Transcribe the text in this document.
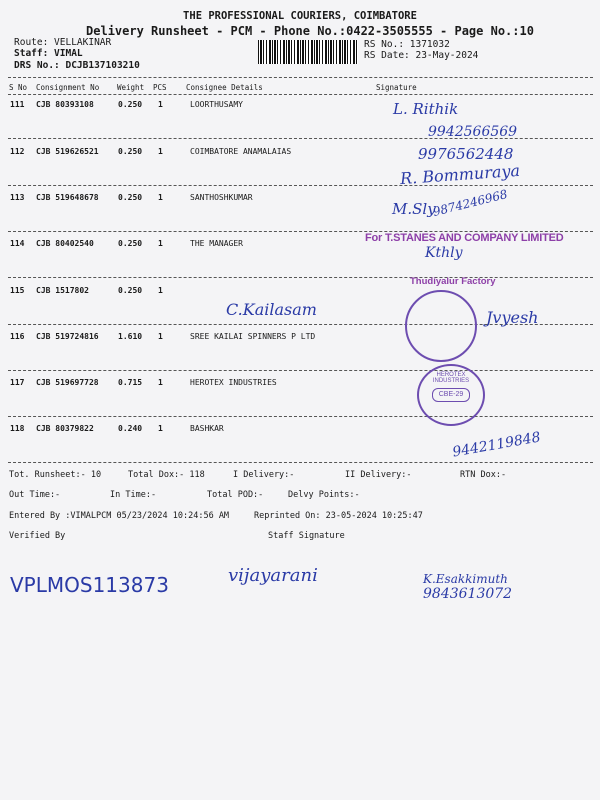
THE PROFESSIONAL COURIERS, COIMBATORE
Delivery Runsheet - PCM - Phone No.:0422-3505555 - Page No.:10
Route: VELLAKINAR
Staff: VIMAL
DRS No.: DCJB137103210
RS No.: 1371032
RS Date: 23-May-2024
S No Consignment No Weight PCS	Consignee Details	Signature
111 CJB 80393108	0.250 1	LOORTHUSAMY
112 CJB 519626521 0.250 1	COIMBATORE ANAMALAIAS
113 CJB 519648678 0.250 1	SANTHOSHKUMAR
114 CJB 80402540	0.250 1	THE MANAGER
115 CJB 1517802	0.250 1
116 CJB 519724816 1.610 1	SREE KAILAI SPINNERS P LTD
117 CJB 519697728 0.715 1	HEROTEX INDUSTRIES
118 CJB 80379822	0.240 1	BASHKAR
Tot. Runsheet:- 10	Total Dox:- 118	I Delivery:-	II Delivery:-	RTN Dox:-
Out Time:-	In Time:-	Total POD:-	Delvy Points:-
Entered By :VIMALPCM 05/23/2024 10:24:56 AM	Reprinted On: 23-05-2024 10:25:47
Verified By	Staff Signature
For T.STANES AND COMPANY LIMITED
Thudiyalur Factory
HEROTEX INDUSTRIES
CBE-29
L. Rithik
9942566569
9976562448
R. Bommuraya
M.Sly
9874246968
Kthly
C.Kailasam	Jvyesh
9442119848
VPLMOS113873	vijayarani	K.Esakkimuth
9843613072
